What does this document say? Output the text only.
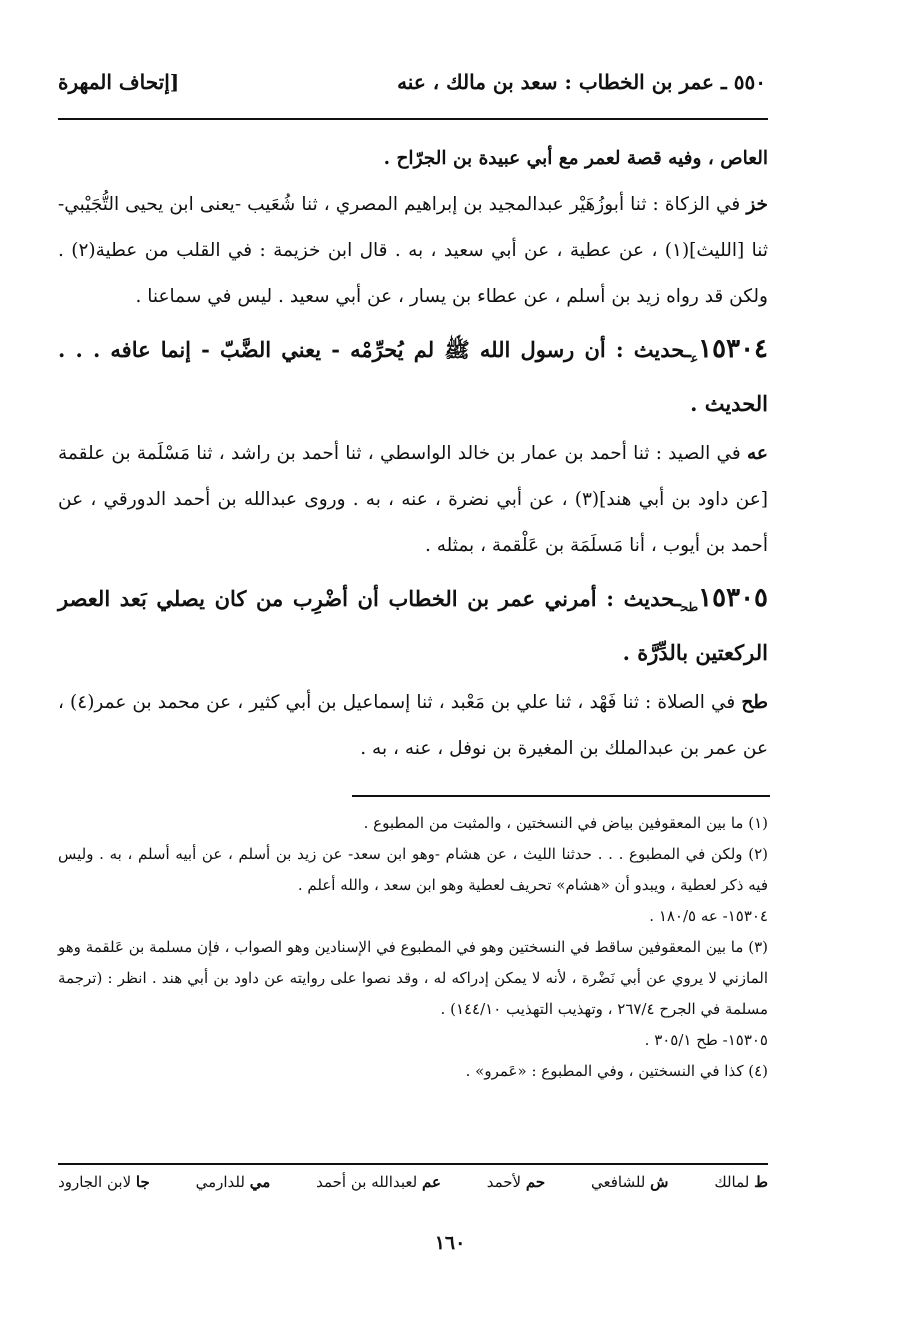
٥٥٠ ـ عمر بن الخطاب : سعد بن مالك ، عنه
[إتحاف المهرة

العاص ، وفيه قصة لعمر مع أبي عبيدة بن الجرّاح .

خز في الزكاة : ثنا أبوزُهَيْر عبدالمجيد بن إبراهيم المصري ، ثنا شُعَيب -يعنى ابن يحيى التُّجَيْبي- ثنا [الليث](١) ، عن عطية ، عن أبي سعيد ، به . قال ابن خزيمة : في القلب من عطية(٢) . ولكن قد رواه زيد بن أسلم ، عن عطاء بن يسار ، عن أبي سعيد . ليس في سماعنا .

$١٥٣٠٤_عـحديث$ : أن رسول الله ﷺ لم يُحرِّمْه - يعني الضَّبّ - إنما عافه . . . الحديث .

عه في الصيد : ثنا أحمد بن عمار بن خالد الواسطي ، ثنا أحمد بن راشد ، ثنا مَسْلَمة بن علقمة [عن داود بن أبي هند](٣) ، عن أبي نضرة ، عنه ، به . وروى عبدالله بن أحمد الدورقي ، عن أحمد بن أيوب ، أنا مَسلَمَة بن عَلْقمة ، بمثله .

$١٥٣٠٥_{طح}ـحديث$ : أمرني عمر بن الخطاب أن أضْرِب من كان يصلي بَعد العصر الركعتين بالدِّرَّة .

طح في الصلاة : ثنا فَهْد ، ثنا علي بن مَعْبد ، ثنا إسماعيل بن أبي كثير ، عن محمد بن عمر(٤) ، عن عمر بن عبدالملك بن المغيرة بن نوفل ، عنه ، به .

(١) ما بين المعقوفين بياض في النسختين ، والمثبت من المطبوع .

(٢) ولكن في المطبوع . . . حدثنا الليث ، عن هشام -وهو ابن سعد- عن زيد بن أسلم ، عن أبيه أسلم ، به . وليس فيه ذكر لعطية ، ويبدو أن «هشام» تحريف لعطية وهو ابن سعد ، والله أعلم .

١٥٣٠٤- عه ١٨٠/٥ .

(٣) ما بين المعقوفين ساقط في النسختين وهو في المطبوع في الإسنادين وهو الصواب ، فإن مسلمة بن عَلقمة وهو المازني لا يروي عن أبي نَضْرة ، لأنه لا يمكن إدراكه له ، وقد نصوا على روايته عن داود بن أبي هند . انظر : (ترجمة مسلمة في الجرح ٢٦٧/٤ ، وتهذيب التهذيب ١٤٤/١٠) .

١٥٣٠٥- طح ٣٠٥/١ .

(٤) كذا في النسختين ، وفي المطبوع : «عَمرو» .

ط لمالك
ش للشافعي
حم لأحمد
عم لعبدالله بن أحمد
مي للدارمي
جا لابن الجارود
١٦٠
